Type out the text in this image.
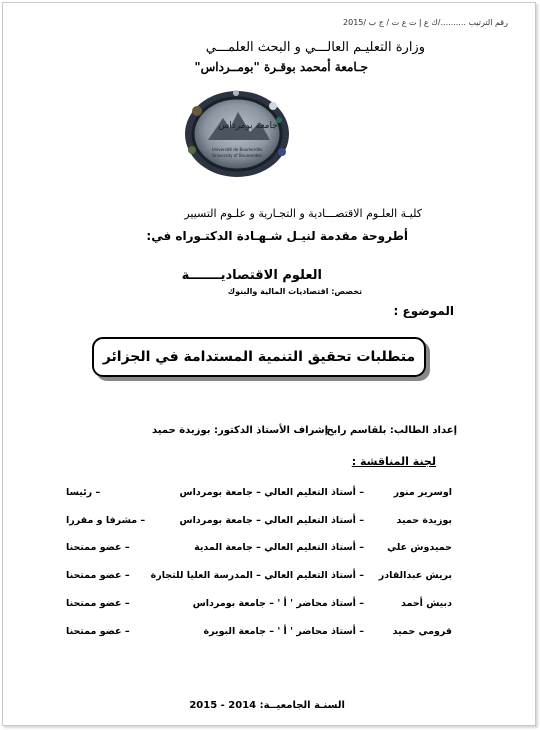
رقم الترتيب ........../ك ع إ ت ع ت / ج ب /2015
وزارة التعليـم العالـــي و البحث العلمـــي
جـامعة أمحمد بوقـرة "بومــرداس"
جامعة بومرداس
Université de Boumerdès
University of Boumerdes
كليـة العلـوم الاقتصـــادية و التجـارية و علـوم التسيير
أطروحة مقدمة لنيـل شـهـادة الدكتـوراه في:
العلوم الاقتصاديـــــــة
تخصص: اقتصاديات المالية والبنوك
الموضوع :
متطلبات تحقيق التنمية المستدامة في الجزائر
إعداد الطالب: بلقاسم رابح
إشراف الأستاذ الدكتور: بوزيدة حميد
لجنة المناقشة :
اوسرير منور
– أستاذ التعليم العالي – جامعة بومرداس
– رئيسا
بوزيدة حميد
– أستاذ التعليم العالي – جامعة بومرداس
– مشرفا و مقررا
حميدوش علي
– أستاذ التعليم العالي – جامعة المدية
– عضو ممتحنا
بريش عبدالقادر
– أستاذ التعليم العالي – المدرسة العليا للتجارة
– عضو ممتحنا
دبيش أحمد
– أستاذ محاضر ' أ ' – جامعة بومرداس
– عضو ممتحنا
قرومي حميد
– أستاذ محاضر ' أ ' – جامعة البويرة
– عضو ممتحنا
السنـة الجامعيــة: 2014 - 2015
